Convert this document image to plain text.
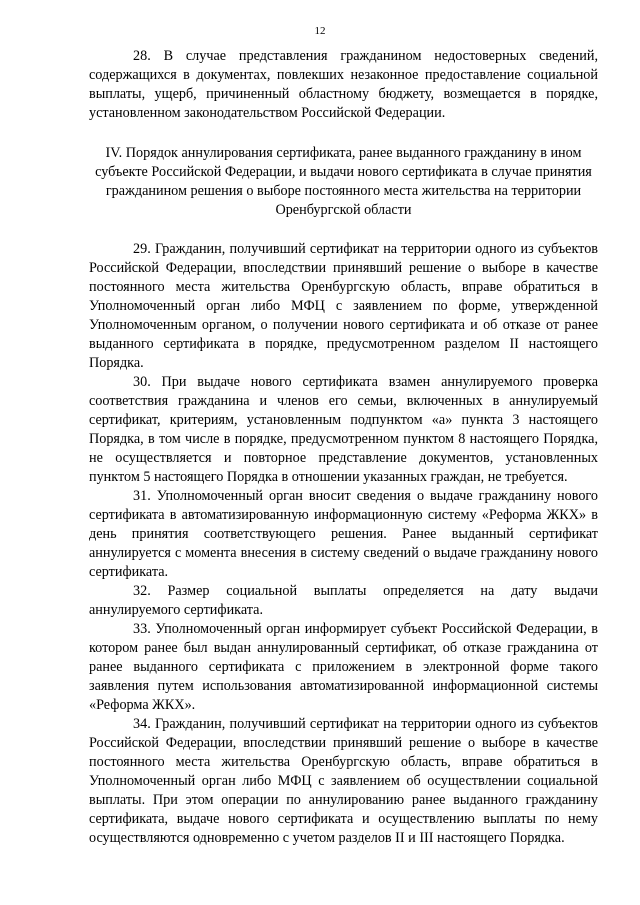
12

28. В случае представления гражданином недостоверных сведений, содержащихся в документах, повлекших незаконное предоставление социальной выплаты, ущерб, причиненный областному бюджету, возмещается в порядке, установленном законодательством Российской Федерации.

IV. Порядок аннулирования сертификата, ранее выданного гражданину в ином субъекте Российской Федерации, и выдачи нового сертификата в случае принятия гражданином решения о выборе постоянного места жительства на территории Оренбургской области

29. Гражданин, получивший сертификат на территории одного из субъектов Российской Федерации, впоследствии принявший решение о выборе в качестве постоянного места жительства Оренбургскую область, вправе обратиться в Уполномоченный орган либо МФЦ с заявлением по форме, утвержденной Уполномоченным органом, о получении нового сертификата и об отказе от ранее выданного сертификата в порядке, предусмотренном разделом II настоящего Порядка.

30. При выдаче нового сертификата взамен аннулируемого проверка соответствия гражданина и членов его семьи, включенных в аннулируемый сертификат, критериям, установленным подпунктом «а» пункта 3 настоящего Порядка, в том числе в порядке, предусмотренном пунктом 8 настоящего Порядка, не осуществляется и повторное представление документов, установленных пунктом 5 настоящего Порядка в отношении указанных граждан, не требуется.

31. Уполномоченный орган вносит сведения о выдаче гражданину нового сертификата в автоматизированную информационную систему «Реформа ЖКХ» в день принятия соответствующего решения. Ранее выданный сертификат аннулируется с момента внесения в систему сведений о выдаче гражданину нового сертификата.

32. Размер социальной выплаты определяется на дату выдачи аннулируемого сертификата.

33. Уполномоченный орган информирует субъект Российской Федерации, в котором ранее был выдан аннулированный сертификат, об отказе гражданина от ранее выданного сертификата с приложением в электронной форме такого заявления путем использования автоматизированной информационной системы «Реформа ЖКХ».

34. Гражданин, получивший сертификат на территории одного из субъектов Российской Федерации, впоследствии принявший решение о выборе в качестве постоянного места жительства Оренбургскую область, вправе обратиться в Уполномоченный орган либо МФЦ с заявлением об осуществлении социальной выплаты. При этом операции по аннулированию ранее выданного гражданину сертификата, выдаче нового сертификата и осуществлению выплаты по нему осуществляются одновременно с учетом разделов II и III настоящего Порядка.
